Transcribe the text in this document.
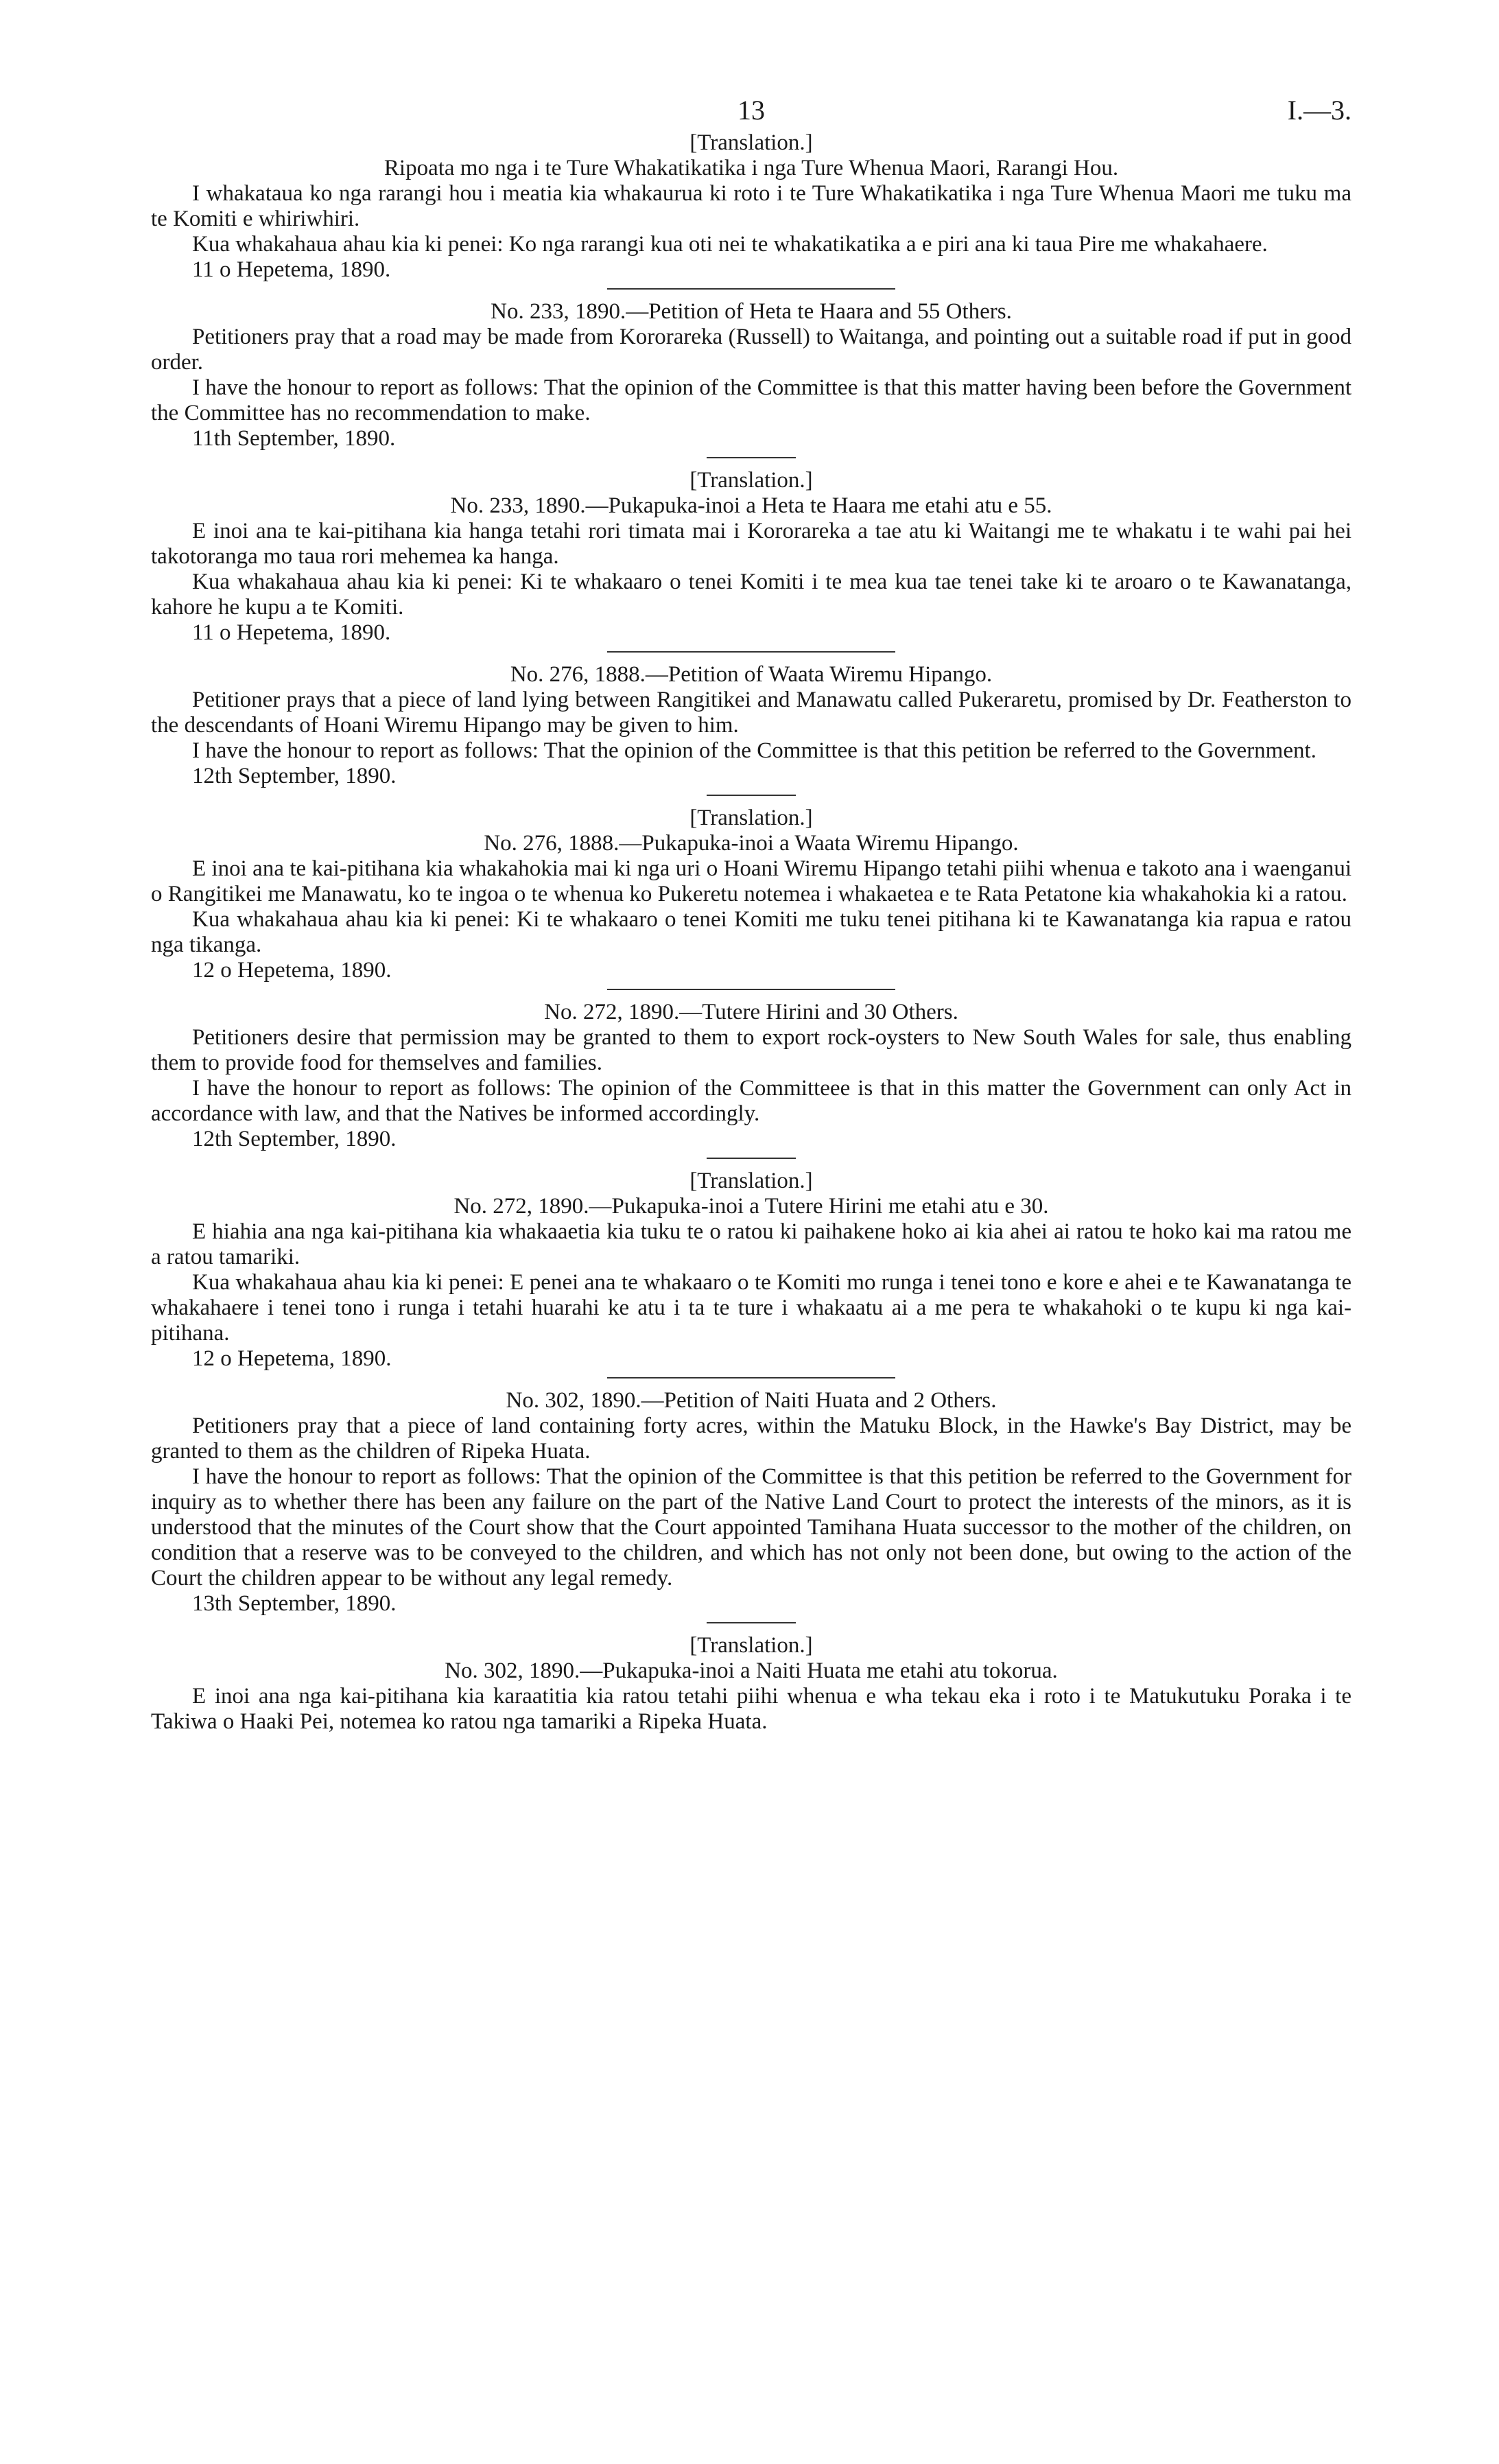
13	I.—3.
[Translation.]
Ripoata mo nga i te Ture Whakatikatika i nga Ture Whenua Maori, Rarangi Hou.

I whakataua ko nga rarangi hou i meatia kia whakaurua ki roto i te Ture Whakatikatika i nga Ture Whenua Maori me tuku ma te Komiti e whiriwhiri.

Kua whakahaua ahau kia ki penei: Ko nga rarangi kua oti nei te whakatikatika a e piri ana ki taua Pire me whakahaere.

11 o Hepetema, 1890.
No. 233, 1890.—Petition of Heta te Haara and 55 Others.

Petitioners pray that a road may be made from Kororareka (Russell) to Waitanga, and pointing out a suitable road if put in good order.

I have the honour to report as follows: That the opinion of the Committee is that this matter having been before the Government the Committee has no recommendation to make.

11th September, 1890.
[Translation.]
No. 233, 1890.—Pukapuka-inoi a Heta te Haara me etahi atu e 55.

E inoi ana te kai-pitihana kia hanga tetahi rori timata mai i Kororareka a tae atu ki Waitangi me te whakatu i te wahi pai hei takotoranga mo taua rori mehemea ka hanga.

Kua whakahaua ahau kia ki penei: Ki te whakaaro o tenei Komiti i te mea kua tae tenei take ki te aroaro o te Kawanatanga, kahore he kupu a te Komiti.

11 o Hepetema, 1890.
No. 276, 1888.—Petition of Waata Wiremu Hipango.

Petitioner prays that a piece of land lying between Rangitikei and Manawatu called Pukeraretu, promised by Dr. Featherston to the descendants of Hoani Wiremu Hipango may be given to him.

I have the honour to report as follows: That the opinion of the Committee is that this petition be referred to the Government.

12th September, 1890.
[Translation.]
No. 276, 1888.—Pukapuka-inoi a Waata Wiremu Hipango.

E inoi ana te kai-pitihana kia whakahokia mai ki nga uri o Hoani Wiremu Hipango tetahi piihi whenua e takoto ana i waenganui o Rangitikei me Manawatu, ko te ingoa o te whenua ko Pukeretu notemea i whakaetea e te Rata Petatone kia whakahokia ki a ratou.

Kua whakahaua ahau kia ki penei: Ki te whakaaro o tenei Komiti me tuku tenei pitihana ki te Kawanatanga kia rapua e ratou nga tikanga.

12 o Hepetema, 1890.
No. 272, 1890.—Tutere Hirini and 30 Others.

Petitioners desire that permission may be granted to them to export rock-oysters to New South Wales for sale, thus enabling them to provide food for themselves and families.

I have the honour to report as follows: The opinion of the Committeee is that in this matter the Government can only Act in accordance with law, and that the Natives be informed accordingly.

12th September, 1890.
[Translation.]
No. 272, 1890.—Pukapuka-inoi a Tutere Hirini me etahi atu e 30.

E hiahia ana nga kai-pitihana kia whakaaetia kia tuku te o ratou ki paihakene hoko ai kia ahei ai ratou te hoko kai ma ratou me a ratou tamariki.

Kua whakahaua ahau kia ki penei: E penei ana te whakaaro o te Komiti mo runga i tenei tono e kore e ahei e te Kawanatanga te whakahaere i tenei tono i runga i tetahi huarahi ke atu i ta te ture i whakaatu ai a me pera te whakahoki o te kupu ki nga kai-pitihana.

12 o Hepetema, 1890.
No. 302, 1890.—Petition of Naiti Huata and 2 Others.

Petitioners pray that a piece of land containing forty acres, within the Matuku Block, in the Hawke's Bay District, may be granted to them as the children of Ripeka Huata.

I have the honour to report as follows: That the opinion of the Committee is that this petition be referred to the Government for inquiry as to whether there has been any failure on the part of the Native Land Court to protect the interests of the minors, as it is understood that the minutes of the Court show that the Court appointed Tamihana Huata successor to the mother of the children, on condition that a reserve was to be conveyed to the children, and which has not only not been done, but owing to the action of the Court the children appear to be without any legal remedy.

13th September, 1890.
[Translation.]
No. 302, 1890.—Pukapuka-inoi a Naiti Huata me etahi atu tokorua.

E inoi ana nga kai-pitihana kia karaatitia kia ratou tetahi piihi whenua e wha tekau eka i roto i te Matukutuku Poraka i te Takiwa o Haaki Pei, notemea ko ratou nga tamariki a Ripeka Huata.
